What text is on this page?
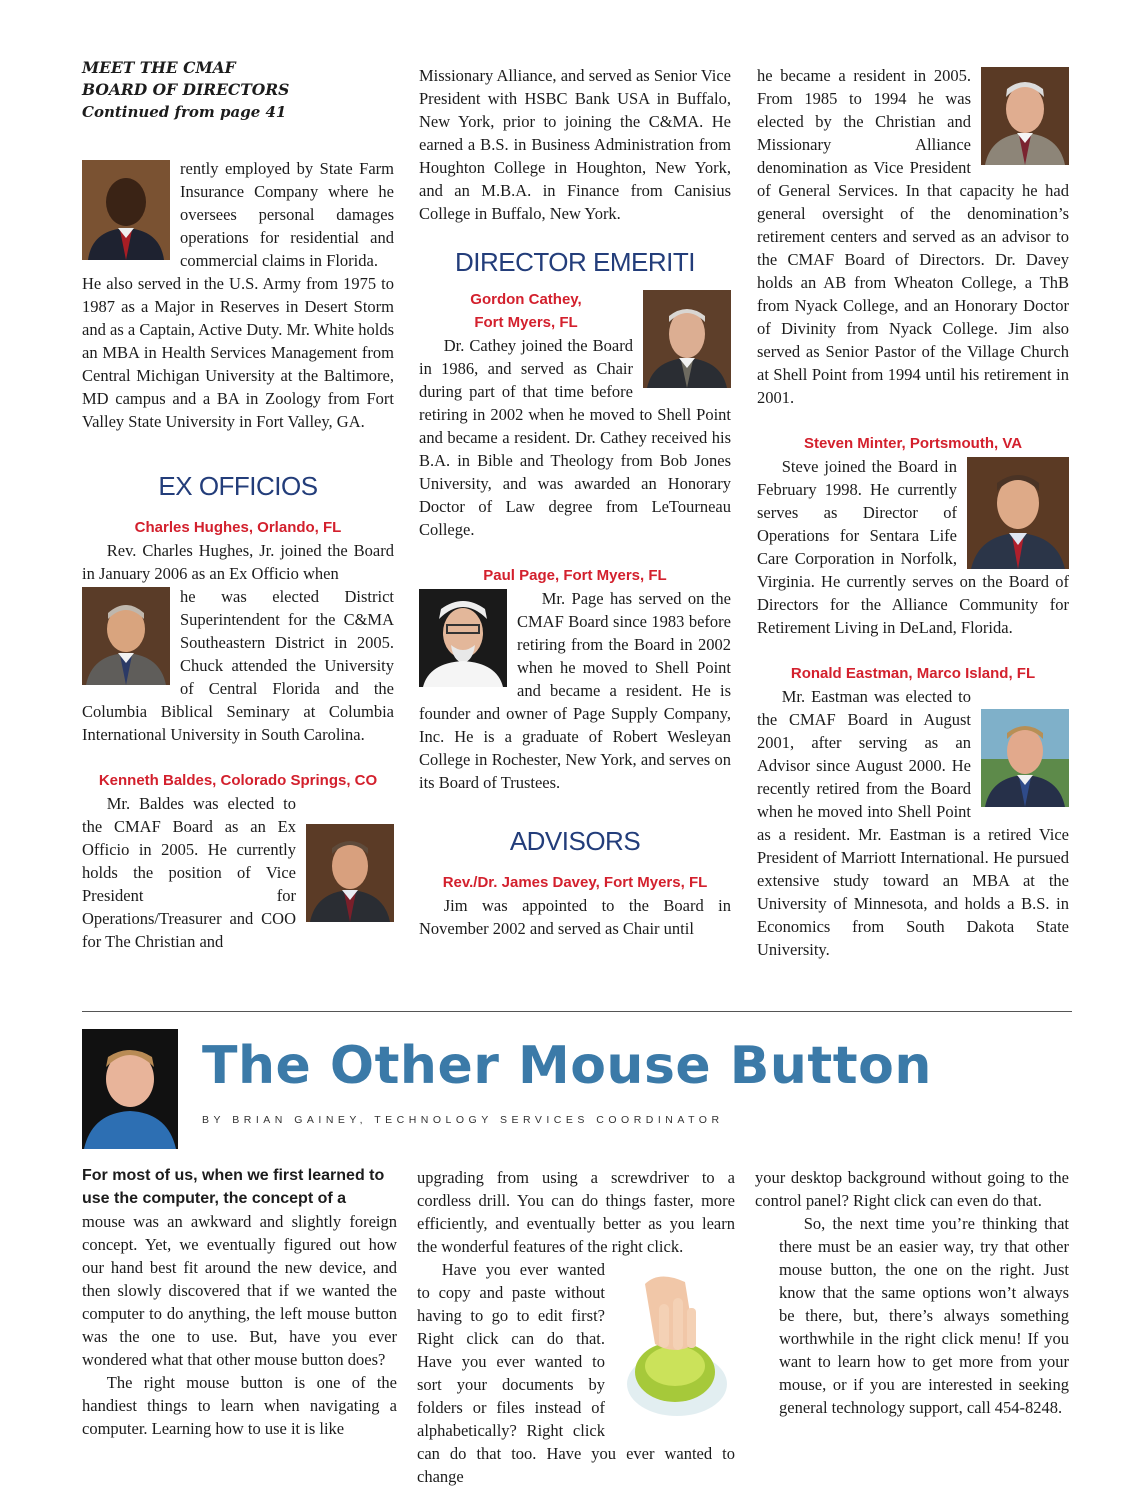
MEET THE CMAF
BOARD OF DIRECTORS
Continued from page 41

rently employed by State Farm Insurance Company where he oversees personal damages operations for residential and commercial claims in Florida.

He also served in the U.S. Army from 1975 to 1987 as a Major in Reserves in Desert Storm and as a Captain, Active Duty. Mr. White holds an MBA in Health Services Management from Central Michigan University at the Baltimore, MD campus and a BA in Zoology from Fort Valley State University in Fort Valley, GA.

EX OFFICIOS

Charles Hughes, Orlando, FL

Rev. Charles Hughes, Jr. joined the Board in January 2006 as an Ex Officio when

he was elected District Superintendent for the C&MA Southeastern District in 2005. Chuck attended the University of Central Florida and the Columbia Biblical Seminary at Columbia International University in South Carolina.

Kenneth Baldes, Colorado Springs, CO

Mr. Baldes was elected to the CMAF Board as an Ex Officio in 2005. He currently holds the position of Vice President for Operations/Treasurer and COO for The Christian and

Missionary Alliance, and served as Senior Vice President with HSBC Bank USA in Buffalo, New York, prior to joining the C&MA. He earned a B.S. in Business Administration from Houghton College in Houghton, New York, and an M.B.A. in Finance from Canisius College in Buffalo, New York.

DIRECTOR EMERITI

Gordon Cathey,

Fort Myers, FL

Dr. Cathey joined the Board in 1986, and served as Chair during part of that time before retiring in 2002 when he moved to Shell Point and became a resident. Dr. Cathey received his B.A. in Bible and Theology from Bob Jones University, and was awarded an Honorary Doctor of Law degree from LeTourneau College.

Paul Page, Fort Myers, FL

Mr. Page has served on the CMAF Board since 1983 before retiring from the Board in 2002 when he moved to Shell Point and became a resident. He is founder and owner of Page Supply Company, Inc. He is a graduate of Robert Wesleyan College in Rochester, New York, and serves on its Board of Trustees.

ADVISORS

Rev./Dr. James Davey, Fort Myers, FL

Jim was appointed to the Board in November 2002 and served as Chair until

he became a resident in 2005. From 1985 to 1994 he was elected by the Christian and Missionary Alliance denomination as Vice President of General Services. In that capacity he had general oversight of the denomination’s retirement centers and served as an advisor to the CMAF Board of Directors. Dr. Davey holds an AB from Wheaton College, a ThB from Nyack College, and an Honorary Doctor of Divinity from Nyack College. Jim also served as Senior Pastor of the Village Church at Shell Point from 1994 until his retirement in 2001.

Steven Minter, Portsmouth, VA

Steve joined the Board in February 1998. He currently serves as Director of Operations for Sentara Life Care Corporation in Norfolk, Virginia. He currently serves on the Board of Directors for the Alliance Community for Retirement Living in DeLand, Florida.

Ronald Eastman, Marco Island, FL

Mr. Eastman was elected to the CMAF Board in August 2001, after serving as an Advisor since August 2000. He recently retired from the Board when he moved into Shell Point as a resident. Mr. Eastman is a retired Vice President of Marriott International. He pursued extensive study toward an MBA at the University of Minnesota, and holds a B.S. in Economics from South Dakota State University.

The Other Mouse Button
BY BRIAN GAINEY, TECHNOLOGY SERVICES COORDINATOR

For most of us, when we first learned to use the computer, the concept of a

mouse was an awkward and slightly foreign concept. Yet, we eventually figured out how our hand best fit around the new device, and then slowly discovered that if we wanted the computer to do anything, the left mouse button was the one to use. But, have you ever wondered what that other mouse button does?

The right mouse button is one of the handiest things to learn when navigating a computer. Learning how to use it is like

upgrading from using a screwdriver to a cordless drill. You can do things faster, more efficiently, and eventually better as you learn the wonderful features of the right click.

Have you ever wanted to copy and paste without having to go to edit first? Right click can do that. Have you ever wanted to sort your documents by folders or files instead of alphabetically? Right click can do that too. Have you ever wanted to change

your desktop background without going to the control panel? Right click can even do that.

So, the next time you’re thinking that there must be an easier way, try that other mouse button, the one on the right. Just know that the same options won’t always be there, but, there’s always something worthwhile in the right click menu! If you want to learn how to get more from your mouse, or if you are interested in seeking general technology support, call 454-8248.
